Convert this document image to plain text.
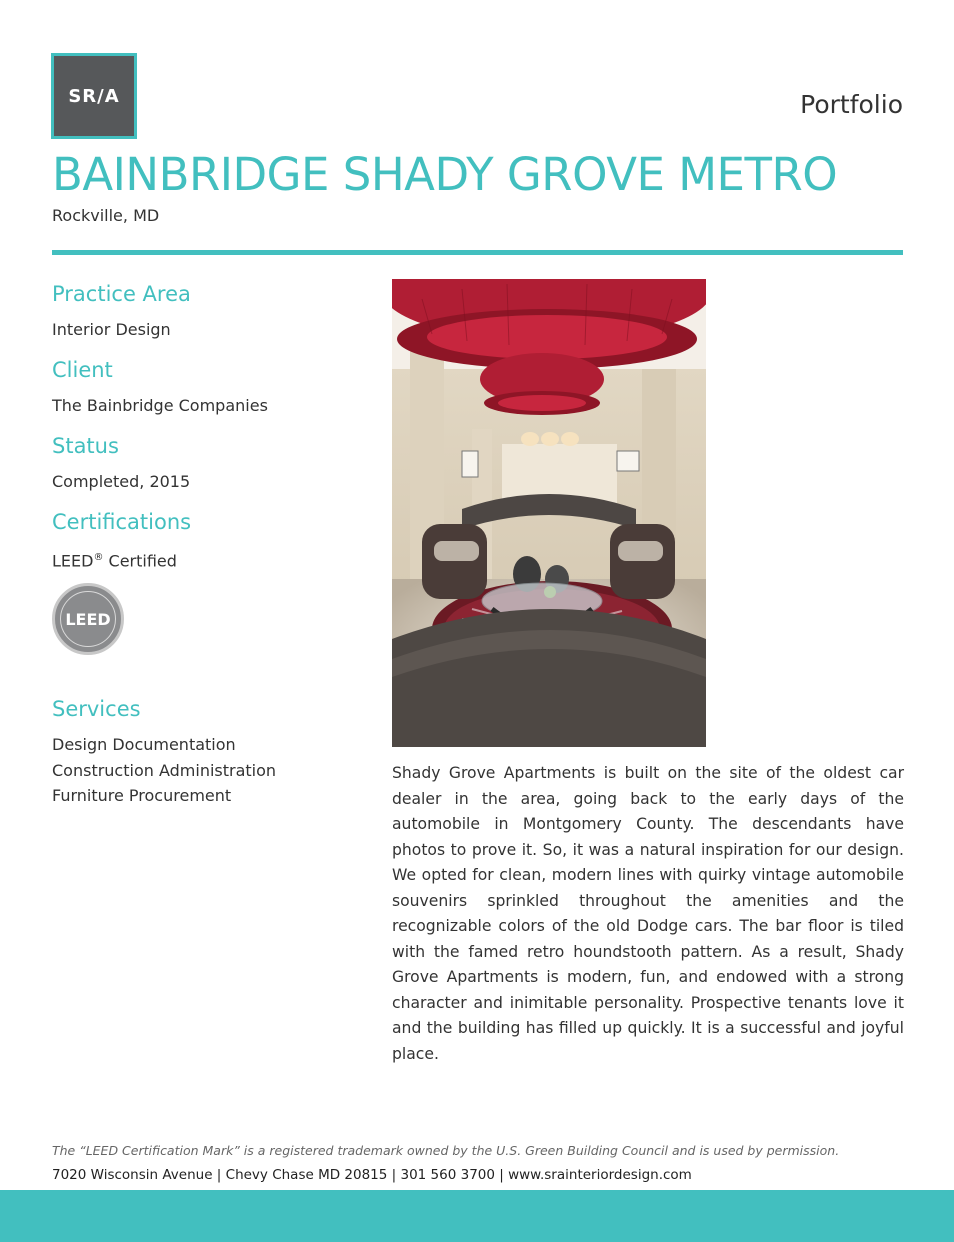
SR/A	Portfolio
BAINBRIDGE SHADY GROVE METRO
Rockville, MD
Practice Area
Interior Design
Client
The Bainbridge Companies
Status
Completed, 2015
Certifications
LEED® Certified
LEED
Services
Design Documentation
Construction Administration
Furniture Procurement

Shady Grove Apartments is built on the site of the oldest car dealer in the area, going back to the early days of the automobile in Montgomery County. The descendants have photos to prove it. So, it was a natural inspiration for our design. We opted for clean, modern lines with quirky vintage automobile souvenirs sprinkled throughout the amenities and the recognizable colors of the old Dodge cars. The bar floor is tiled with the famed retro houndstooth pattern. As a result, Shady Grove Apartments is modern, fun, and endowed with a strong character and inimitable personality. Prospective tenants love it and the building has filled up quickly. It is a successful and joyful place.

The “LEED Certification Mark” is a registered trademark owned by the U.S. Green Building Council and is used by permission.
7020 Wisconsin Avenue | Chevy Chase MD 20815 | 301 560 3700 | www.srainteriordesign.com
